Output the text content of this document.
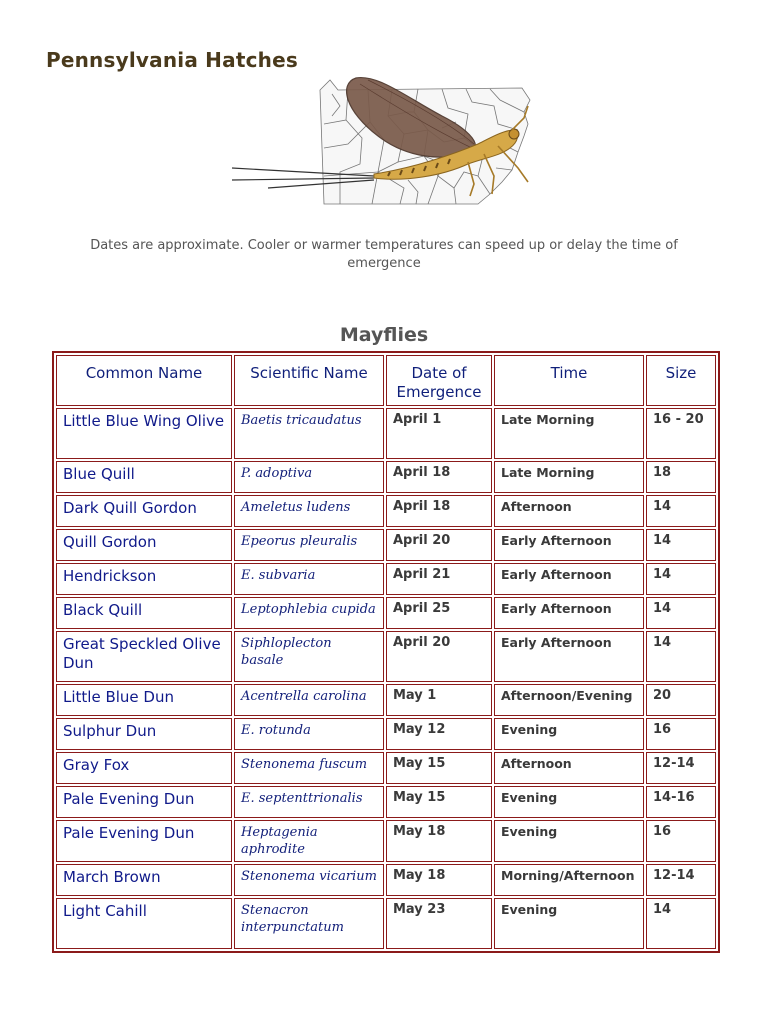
Pennsylvania Hatches
Dates are approximate. Cooler or warmer temperatures can speed up or delay the time of emergence
Mayflies
Common Name	Scientific Name	Date of Emergence	Time	Size
Little Blue Wing Olive	Baetis tricaudatus	April 1	Late Morning	16 - 20
Blue Quill	P. adoptiva	April 18	Late Morning	18
Dark Quill Gordon	Ameletus ludens	April 18	Afternoon	14
Quill Gordon	Epeorus pleuralis	April 20	Early Afternoon	14
Hendrickson	E. subvaria	April 21	Early Afternoon	14
Black Quill	Leptophlebia cupida	April 25	Early Afternoon	14
Great Speckled Olive Dun	Siphloplecton basale	April 20	Early Afternoon	14
Little Blue Dun	Acentrella carolina	May 1	Afternoon/Evening	20
Sulphur Dun	E. rotunda	May 12	Evening	16
Gray Fox	Stenonema fuscum	May 15	Afternoon	12-14
Pale Evening Dun	E. septenttrionalis	May 15	Evening	14-16
Pale Evening Dun	Heptagenia aphrodite	May 18	Evening	16
March Brown	Stenonema vicarium	May 18	Morning/Afternoon	12-14
Light Cahill	Stenacron interpunctatum	May 23	Evening	14
